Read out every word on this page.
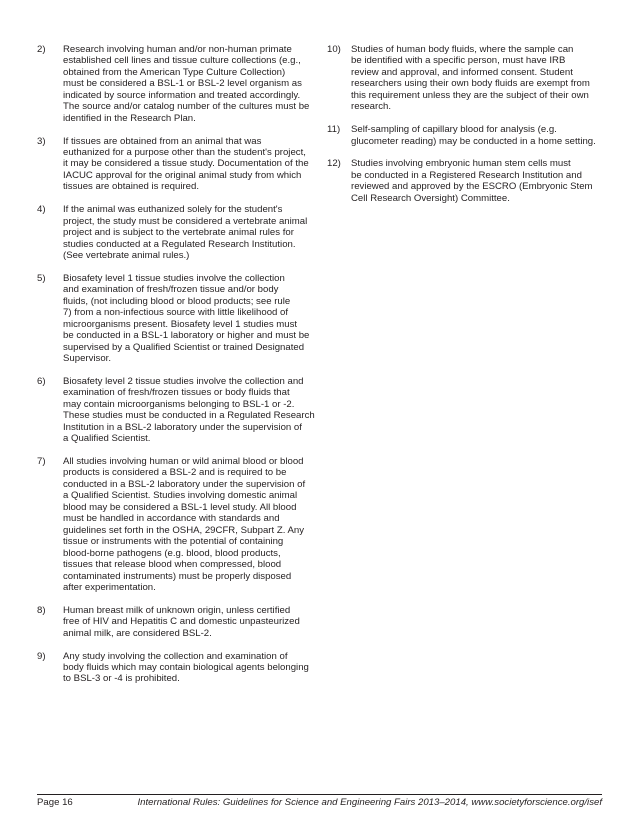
2)	Research involving human and/or non-human primate
established cell lines and tissue culture collections (e.g.,
obtained from the American Type Culture Collection)
must be considered a BSL-1 or BSL-2 level organism as
indicated by source information and treated accordingly.
The source and/or catalog number of the cultures must be
identified in the Research Plan.
3)	If tissues are obtained from an animal that was
euthanized for a purpose other than the student's project,
it may be considered a tissue study. Documentation of the
IACUC approval for the original animal study from which
tissues are obtained is required.
4)	If the animal was euthanized solely for the student's
project, the study must be considered a vertebrate animal
project and is subject to the vertebrate animal rules for
studies conducted at a Regulated Research Institution.
(See vertebrate animal rules.)
5)	Biosafety level 1 tissue studies involve the collection
and examination of fresh/frozen tissue and/or body
fluids, (not including blood or blood products; see rule
7) from a non-infectious source with little likelihood of
microorganisms present. Biosafety level 1 studies must
be conducted in a BSL-1 laboratory or higher and must be
supervised by a Qualified Scientist or trained Designated
Supervisor.
6)	Biosafety level 2 tissue studies involve the collection and
examination of fresh/frozen tissues or body fluids that
may contain microorganisms belonging to BSL-1 or -2.
These studies must be conducted in a Regulated Research
Institution in a BSL-2 laboratory under the supervision of
a Qualified Scientist.
7)	All studies involving human or wild animal blood or blood
products is considered a BSL-2 and is required to be
conducted in a BSL-2 laboratory under the supervision of
a Qualified Scientist. Studies involving domestic animal
blood may be considered a BSL-1 level study. All blood
must be handled in accordance with standards and
guidelines set forth in the OSHA, 29CFR, Subpart Z. Any
tissue or instruments with the potential of containing
blood-borne pathogens (e.g. blood, blood products,
tissues that release blood when compressed, blood
contaminated instruments) must be properly disposed
after experimentation.
8)	Human breast milk of unknown origin, unless certified
free of HIV and Hepatitis C and domestic unpasteurized
animal milk, are considered BSL-2.
9)	Any study involving the collection and examination of
body fluids which may contain biological agents belonging
to BSL-3 or -4 is prohibited.
10)	Studies of human body fluids, where the sample can
be identified with a specific person, must have IRB
review and approval, and informed consent. Student
researchers using their own body fluids are exempt from
this requirement unless they are the subject of their own
research.
11)	Self-sampling of capillary blood for analysis (e.g.
glucometer reading) may be conducted in a home setting.
12)	Studies involving embryonic human stem cells must
be conducted in a Registered Research Institution and
reviewed and approved by the ESCRO (Embryonic Stem
Cell Research Oversight) Committee.
Page 16	International Rules: Guidelines for Science and Engineering Fairs 2013–2014, www.societyforscience.org/isef
